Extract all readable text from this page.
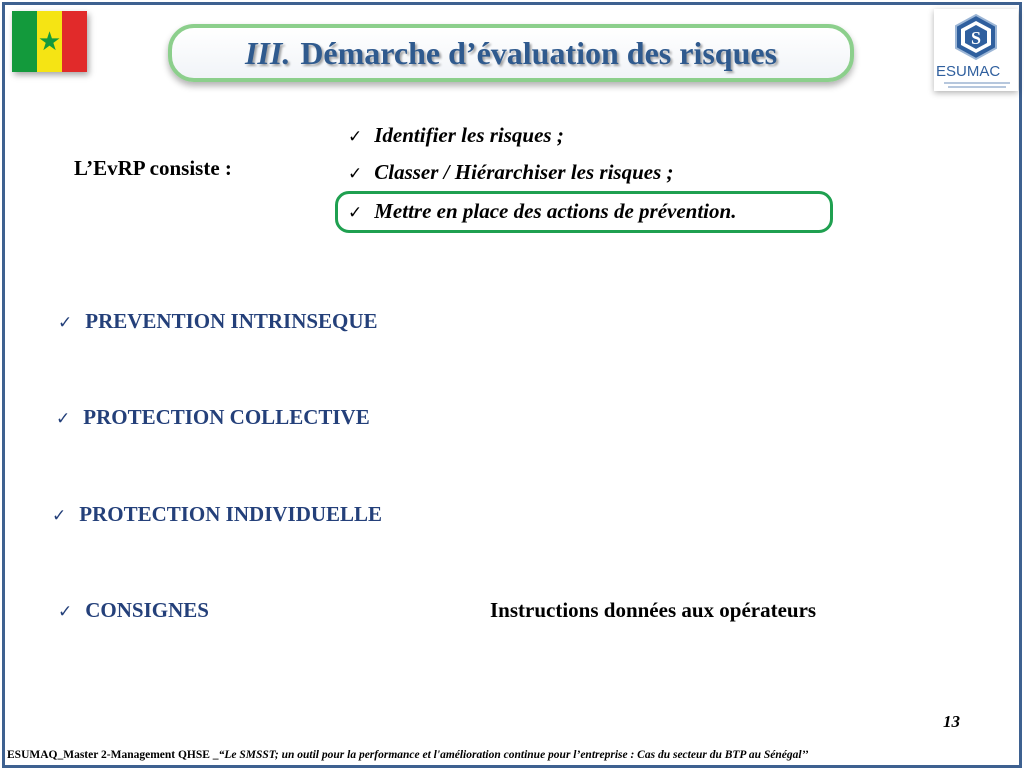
★	III. Démarche d’évaluation des risques	S
ESUMAC
L’EvRP consiste :
✓ Identifier les risques ;
✓ Classer / Hiérarchiser les risques ;
✓ Mettre en place des actions de prévention.
✓ PREVENTION INTRINSEQUE
✓ PROTECTION COLLECTIVE
✓ PROTECTION INDIVIDUELLE
✓ CONSIGNES	Instructions données aux opérateurs
13
ESUMAQ_Master 2-Management QHSE _“Le SMSST; un outil pour la performance et l'amélioration continue pour l’entreprise : Cas du secteur du BTP au Sénégal’’
